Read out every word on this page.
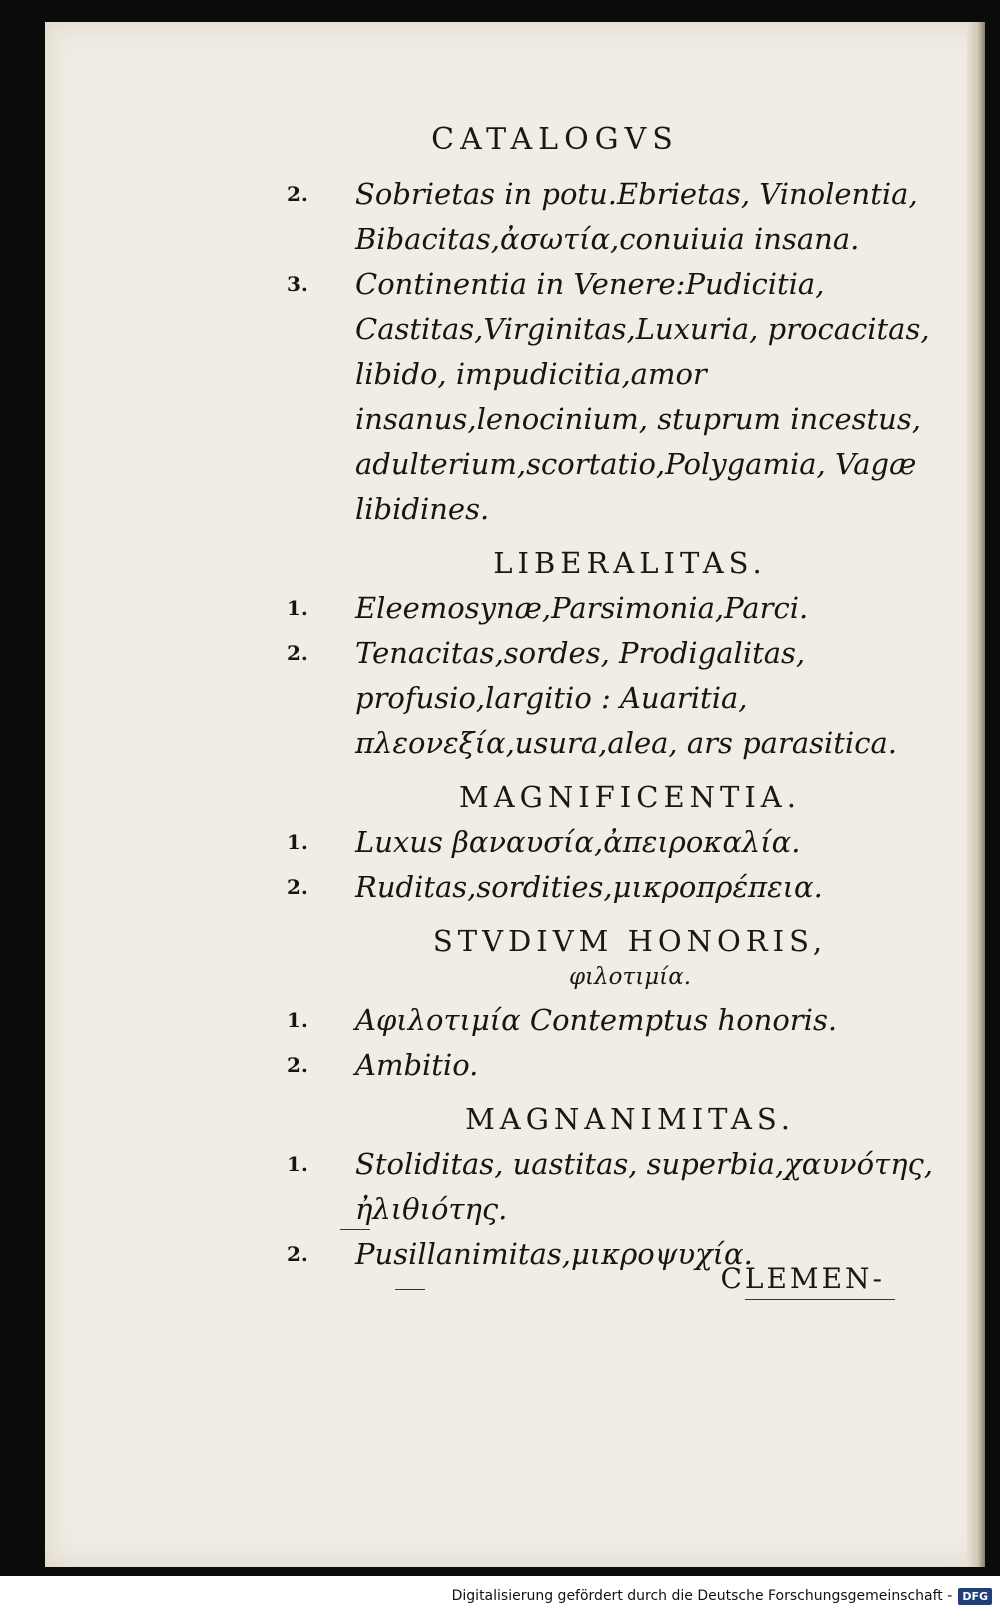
CATALOGVS
2. Sobrietas in potu.Ebrietas, Vinolentia, Bibacitas,ἀσωτία,conuiuia insana.
3. Continentia in Venere:Pudicitia, Castitas,Virginitas,Luxuria, procacitas, libido, impudicitia,amor insanus,lenocinium, stuprum incestus, adulterium,scortatio,Polygamia, Vagæ libidines.
LIBERALITAS.
1. Eleemosynæ,Parsimonia,Parci.
2. Tenacitas,sordes, Prodigalitas, profusio,largitio : Auaritia, πλεονεξία,usura,alea, ars parasitica.
MAGNIFICENTIA.
1. Luxus βαναυσία,ἀπειροκαλία.
2. Ruditas,sordities,μικροπρέπεια.
STVDIVM HONORIS,
φιλοτιμία.
1. Aφιλοτιμία Contemptus honoris.
2. Ambitio.
MAGNANIMITAS.
1. Stoliditas, uastitas, superbia,χαυνότης, ἠλιθιότης.
2. Pusillanimitas,μικροψυχία.
CLEMEN-
Digitalisierung gefördert durch die Deutsche Forschungsgemeinschaft - DFG
